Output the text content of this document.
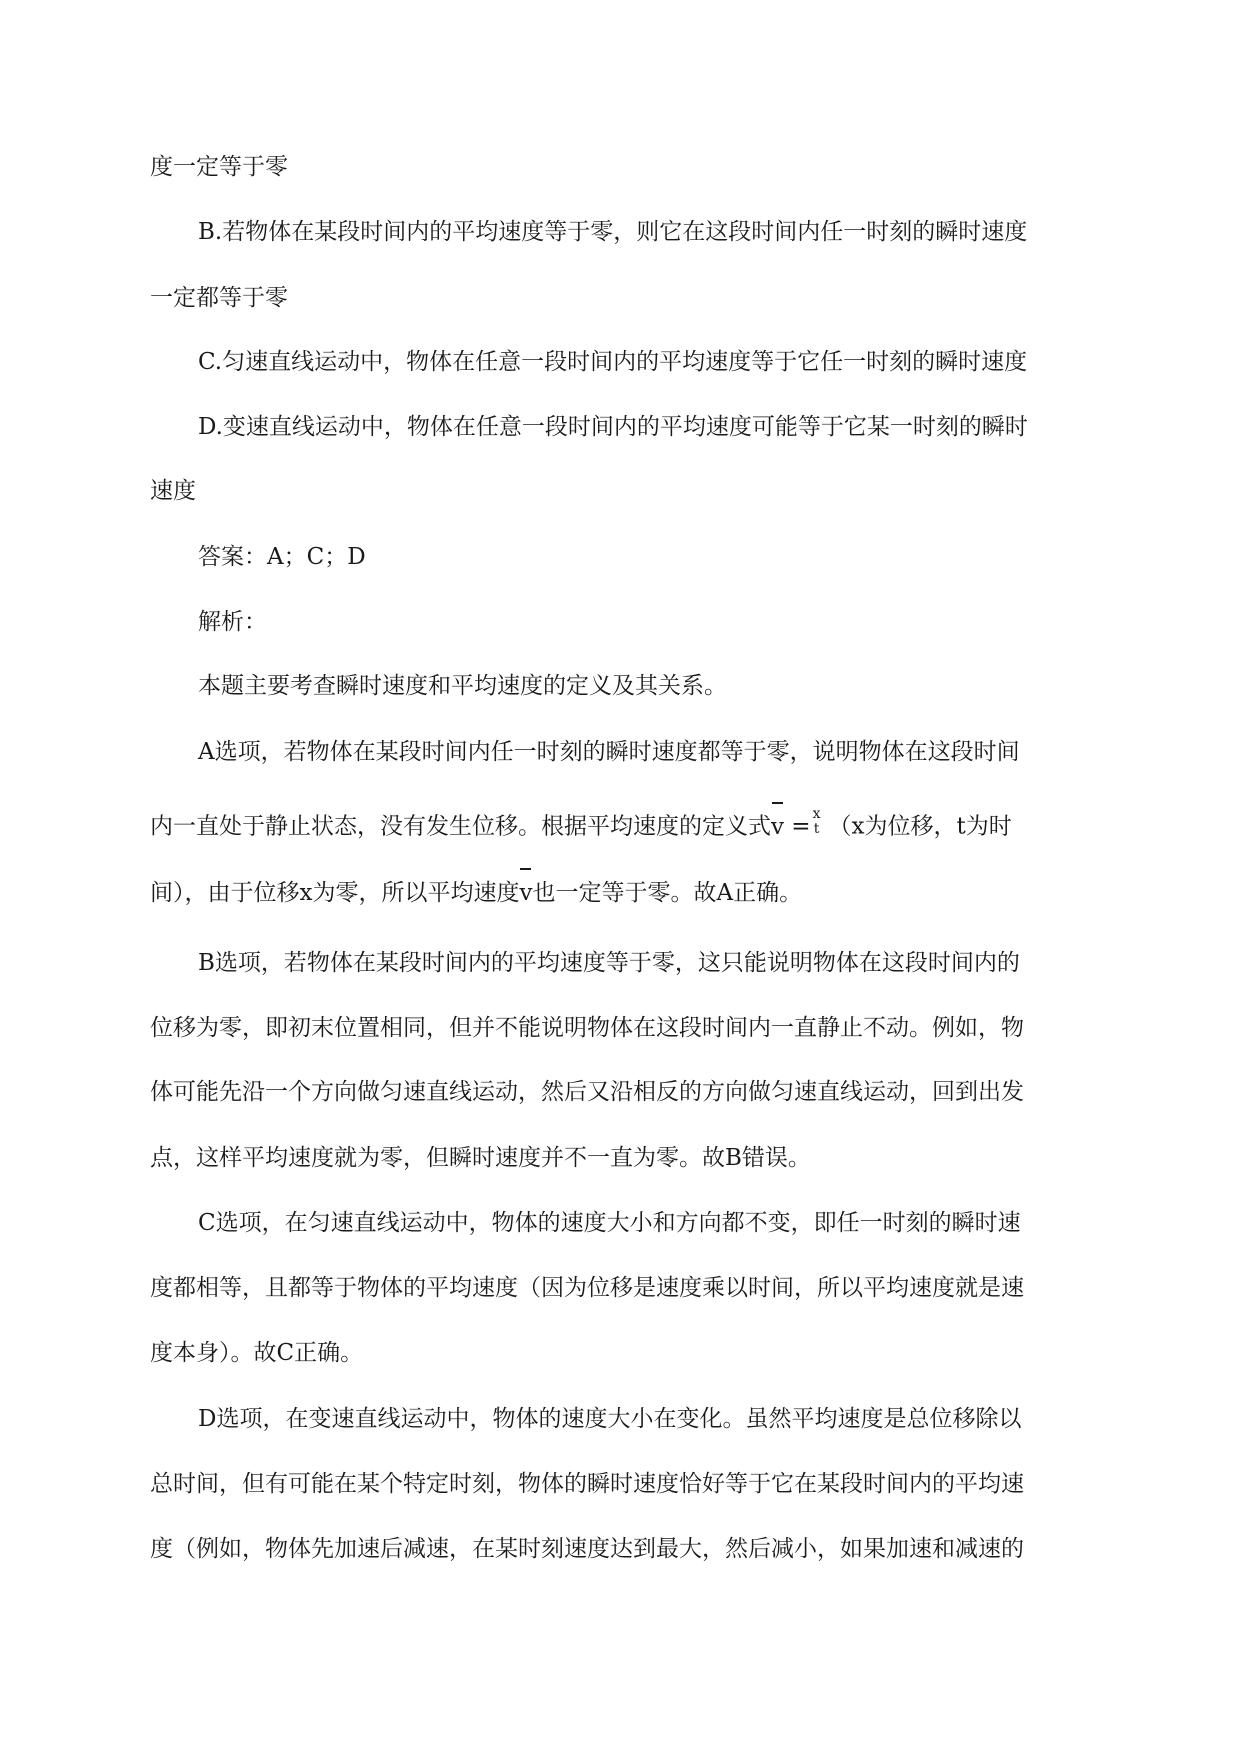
度一定等于零
B.若物体在某段时间内的平均速度等于零，则它在这段时间内任一时刻的瞬时速度
一定都等于零
C.匀速直线运动中，物体在任意一段时间内的平均速度等于它任一时刻的瞬时速度
D.变速直线运动中，物体在任意一段时间内的平均速度可能等于它某一时刻的瞬时
速度
答案：A；C；D
解析：
本题主要考查瞬时速度和平均速度的定义及其关系。
A选项，若物体在某段时间内任一时刻的瞬时速度都等于零，说明物体在这段时间
内一直处于静止状态，没有发生位移。根据平均速度的定义式v = x
t （x为位移，t为时
间），由于位移x为零，所以平均速度v也一定等于零。故A正确。
B选项，若物体在某段时间内的平均速度等于零，这只能说明物体在这段时间内的
位移为零，即初末位置相同，但并不能说明物体在这段时间内一直静止不动。例如，物
体可能先沿一个方向做匀速直线运动，然后又沿相反的方向做匀速直线运动，回到出发
点，这样平均速度就为零，但瞬时速度并不一直为零。故B错误。
C选项，在匀速直线运动中，物体的速度大小和方向都不变，即任一时刻的瞬时速
度都相等，且都等于物体的平均速度（因为位移是速度乘以时间，所以平均速度就是速
度本身）。故C正确。
D选项，在变速直线运动中，物体的速度大小在变化。虽然平均速度是总位移除以
总时间，但有可能在某个特定时刻，物体的瞬时速度恰好等于它在某段时间内的平均速
度（例如，物体先加速后减速，在某时刻速度达到最大，然后减小，如果加速和减速的
